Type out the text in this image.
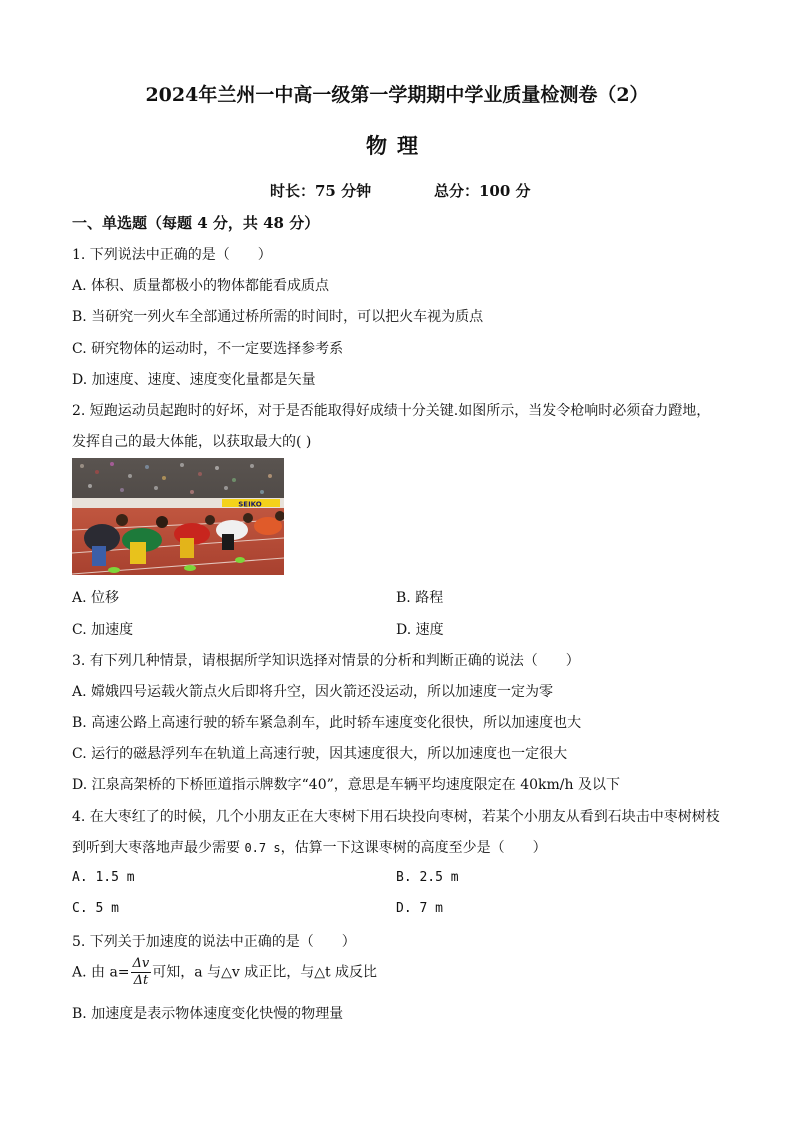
2024年兰州一中高一级第一学期期中学业质量检测卷（2）
物理
时长：75 分钟	总分：100 分
一、单选题（每题 4 分，共 48 分）
1. 下列说法中正确的是（　　）
A. 体积、质量都极小的物体都能看成质点
B. 当研究一列火车全部通过桥所需的时间时，可以把火车视为质点
C. 研究物体的运动时，不一定要选择参考系
D. 加速度、速度、速度变化量都是矢量
2. 短跑运动员起跑时的好坏，对于是否能取得好成绩十分关键.如图所示，当发令枪响时必须奋力蹬地，
发挥自己的最大体能，以获取最大的( )
SEIKO
A. 位移	B. 路程
C. 加速度	D. 速度
3. 有下列几种情景，请根据所学知识选择对情景的分析和判断正确的说法（　　）
A. 嫦娥四号运载火箭点火后即将升空，因火箭还没运动，所以加速度一定为零
B. 高速公路上高速行驶的轿车紧急刹车，此时轿车速度变化很快，所以加速度也大
C. 运行的磁悬浮列车在轨道上高速行驶，因其速度很大，所以加速度也一定很大
D. 江泉高架桥的下桥匝道指示牌数字“40”，意思是车辆平均速度限定在 40km/h 及以下
4. 在大枣红了的时候，几个小朋友正在大枣树下用石块投向枣树，若某个小朋友从看到石块击中枣树树枝
到听到大枣落地声最少需要 0.7 s，估算一下这课枣树的高度至少是（　　）
A. 1.5 m	B. 2.5 m
C. 5 m	D. 7 m
5. 下列关于加速度的说法中正确的是（　　）
A. 由 $a= \frac{\Delta v}{\Delta t}$ 可知，a 与△v 成正比，与△t 成反比
B. 加速度是表示物体速度变化快慢的物理量
